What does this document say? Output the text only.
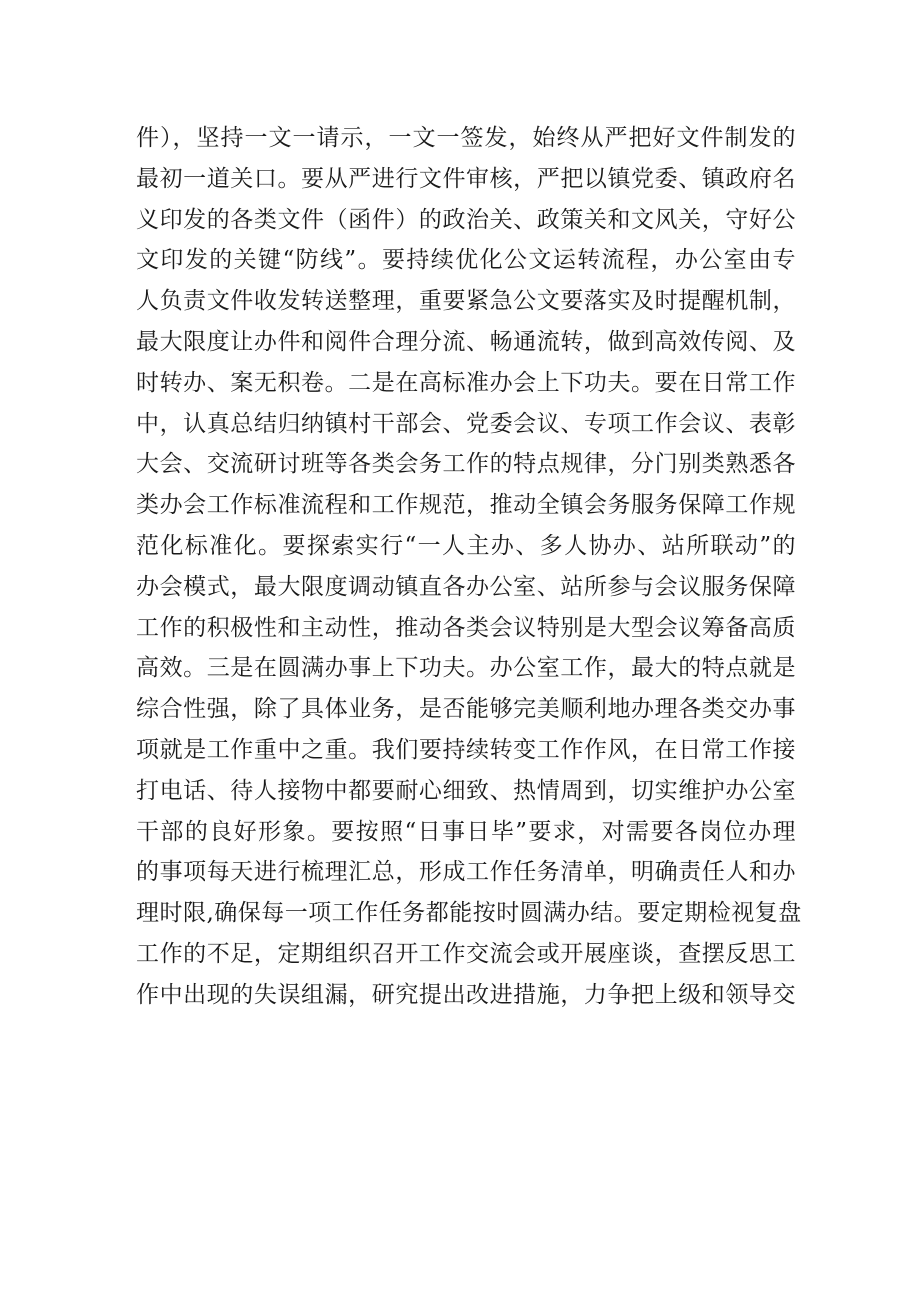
件），坚持一文一请示，一文一签发，始终从严把好文件制发的
最初一道关口。要从严进行文件审核，严把以镇党委、镇政府名
义印发的各类文件（函件）的政治关、政策关和文风关，守好公
文印发的关键“防线”。要持续优化公文运转流程，办公室由专
人负责文件收发转送整理，重要紧急公文要落实及时提醒机制，
最大限度让办件和阅件合理分流、畅通流转，做到高效传阅、及
时转办、案无积卷。二是在高标准办会上下功夫。要在日常工作
中，认真总结归纳镇村干部会、党委会议、专项工作会议、表彰
大会、交流研讨班等各类会务工作的特点规律，分门别类熟悉各
类办会工作标准流程和工作规范，推动全镇会务服务保障工作规
范化标准化。要探索实行“一人主办、多人协办、站所联动”的
办会模式，最大限度调动镇直各办公室、站所参与会议服务保障
工作的积极性和主动性，推动各类会议特别是大型会议筹备高质
高效。三是在圆满办事上下功夫。办公室工作，最大的特点就是
综合性强，除了具体业务，是否能够完美顺利地办理各类交办事
项就是工作重中之重。我们要持续转变工作作风，在日常工作接
打电话、待人接物中都要耐心细致、热情周到，切实维护办公室
干部的良好形象。要按照“日事日毕”要求，对需要各岗位办理
的事项每天进行梳理汇总，形成工作任务清单，明确责任人和办
理时限,确保每一项工作任务都能按时圆满办结。要定期检视复盘
工作的不足，定期组织召开工作交流会或开展座谈，查摆反思工
作中出现的失误组漏，研究提出改进措施，力争把上级和领导交
